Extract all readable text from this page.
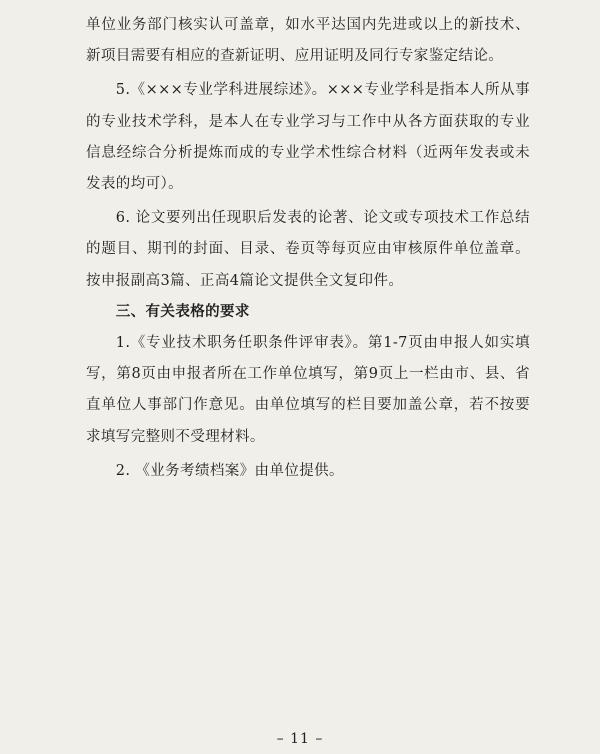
单位业务部门核实认可盖章，如水平达国内先进或以上的新技术、新项目需要有相应的查新证明、应用证明及同行专家鉴定结论。

5.《×××专业学科进展综述》。×××专业学科是指本人所从事的专业技术学科，是本人在专业学习与工作中从各方面获取的专业信息经综合分析提炼而成的专业学术性综合材料（近两年发表或未发表的均可）。

6. 论文要列出任现职后发表的论著、论文或专项技术工作总结的题目、期刊的封面、目录、卷页等每页应由审核原件单位盖章。按申报副高3篇、正高4篇论文提供全文复印件。

三、有关表格的要求

1.《专业技术职务任职条件评审表》。第1-7页由申报人如实填写，第8页由申报者所在工作单位填写，第9页上一栏由市、县、省直单位人事部门作意见。由单位填写的栏目要加盖公章，若不按要求填写完整则不受理材料。

2. 《业务考绩档案》由单位提供。

– 11 –
